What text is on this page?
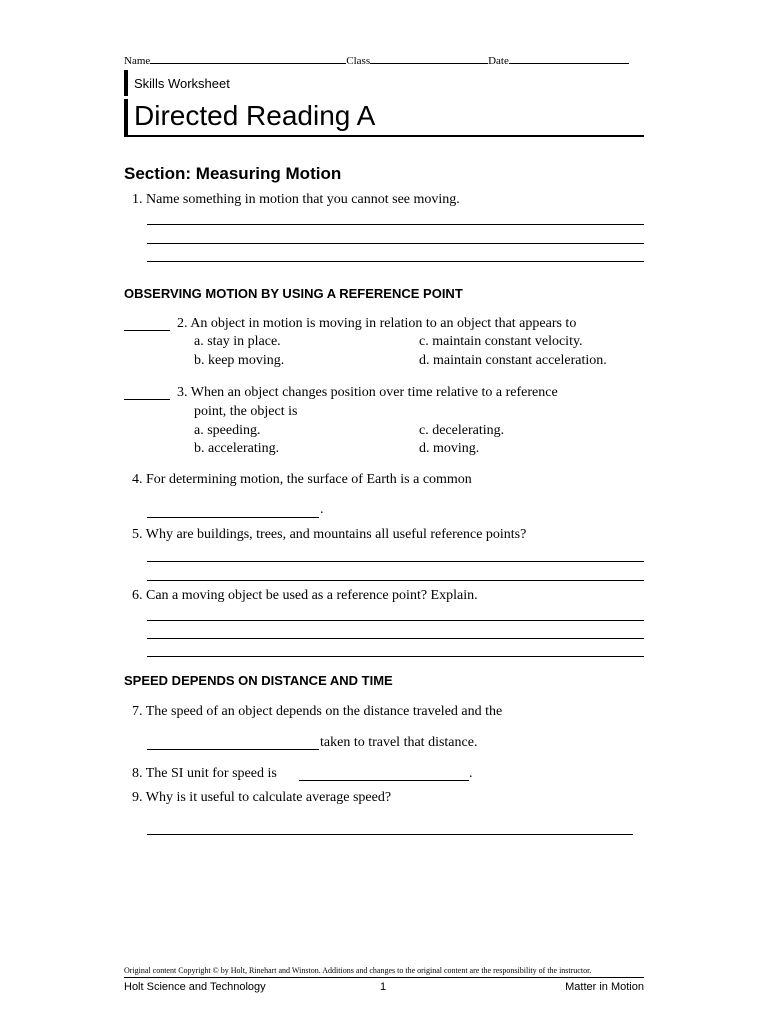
Name	Class	Date
Skills Worksheet
Directed Reading A
Section: Measuring Motion
1. Name something in motion that you cannot see moving.
OBSERVING MOTION BY USING A REFERENCE POINT
2. An object in motion is moving in relation to an object that appears to
a. stay in place.	c. maintain constant velocity.
b. keep moving.	d. maintain constant acceleration.
3. When an object changes position over time relative to a reference
point, the object is
a. speeding.	c. decelerating.
b. accelerating.	d. moving.
4. For determining motion, the surface of Earth is a common
.
5. Why are buildings, trees, and mountains all useful reference points?
6. Can a moving object be used as a reference point? Explain.
SPEED DEPENDS ON DISTANCE AND TIME
7. The speed of an object depends on the distance traveled and the
taken to travel that distance.
8. The SI unit for speed is	.
9. Why is it useful to calculate average speed?
Original content Copyright © by Holt, Rinehart and Winston. Additions and changes to the original content are the responsibility of the instructor.
Holt Science and Technology	1	Matter in Motion
